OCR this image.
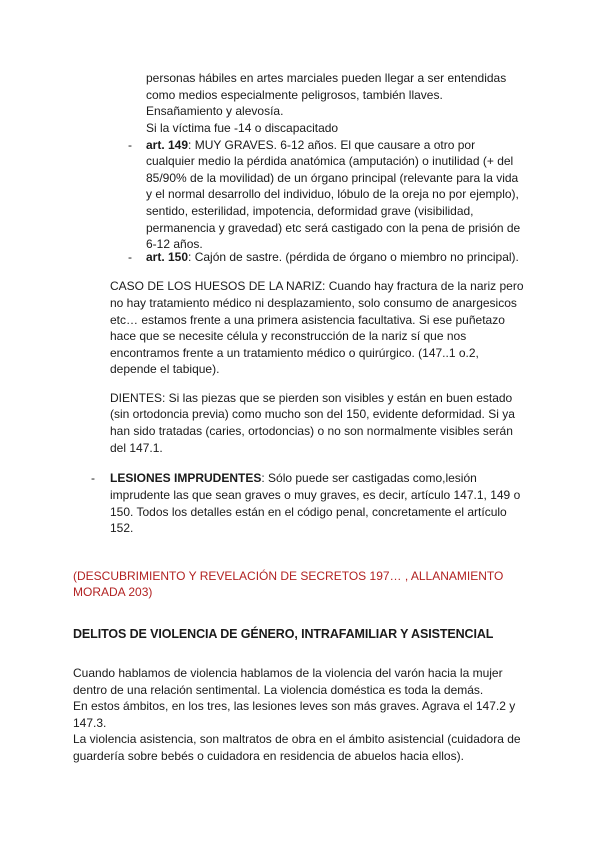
personas hábiles en artes marciales pueden llegar a ser entendidas
como medios especialmente peligrosos, también llaves.
Ensañamiento y alevosía.
Si la víctima fue -14 o discapacitado
- art. 149: MUY GRAVES. 6-12 años. El que causare a otro por
cualquier medio la pérdida anatómica (amputación) o inutilidad (+ del
85/90% de la movilidad) de un órgano principal (relevante para la vida
y el normal desarrollo del individuo, lóbulo de la oreja no por ejemplo),
sentido, esterilidad, impotencia, deformidad grave (visibilidad,
permanencia y gravedad) etc será castigado con la pena de prisión de
6-12 años.
- art. 150: Cajón de sastre. (pérdida de órgano o miembro no principal).
CASO DE LOS HUESOS DE LA NARIZ: Cuando hay fractura de la nariz pero
no hay tratamiento médico ni desplazamiento, solo consumo de anargesicos
etc… estamos frente a una primera asistencia facultativa. Si ese puñetazo
hace que se necesite célula y reconstrucción de la nariz sí que nos
encontramos frente a un tratamiento médico o quirúrgico. (147..1 o.2,
depende el tabique).
DIENTES: Si las piezas que se pierden son visibles y están en buen estado
(sin ortodoncia previa) como mucho son del 150, evidente deformidad. Si ya
han sido tratadas (caries, ortodoncias) o no son normalmente visibles serán
del 147.1.
- LESIONES IMPRUDENTES: Sólo puede ser castigadas como,lesión
imprudente las que sean graves o muy graves, es decir, artículo 147.1, 149 o
150. Todos los detalles están en el código penal, concretamente el artículo
152.
(DESCUBRIMIENTO Y REVELACIÓN DE SECRETOS 197… , ALLANAMIENTO
MORADA 203)
DELITOS DE VIOLENCIA DE GÉNERO, INTRAFAMILIAR Y ASISTENCIAL
Cuando hablamos de violencia hablamos de la violencia del varón hacia la mujer
dentro de una relación sentimental. La violencia doméstica es toda la demás.
En estos ámbitos, en los tres, las lesiones leves son más graves. Agrava el 147.2 y
147.3.
La violencia asistencia, son maltratos de obra en el ámbito asistencial (cuidadora de
guardería sobre bebés o cuidadora en residencia de abuelos hacia ellos).
